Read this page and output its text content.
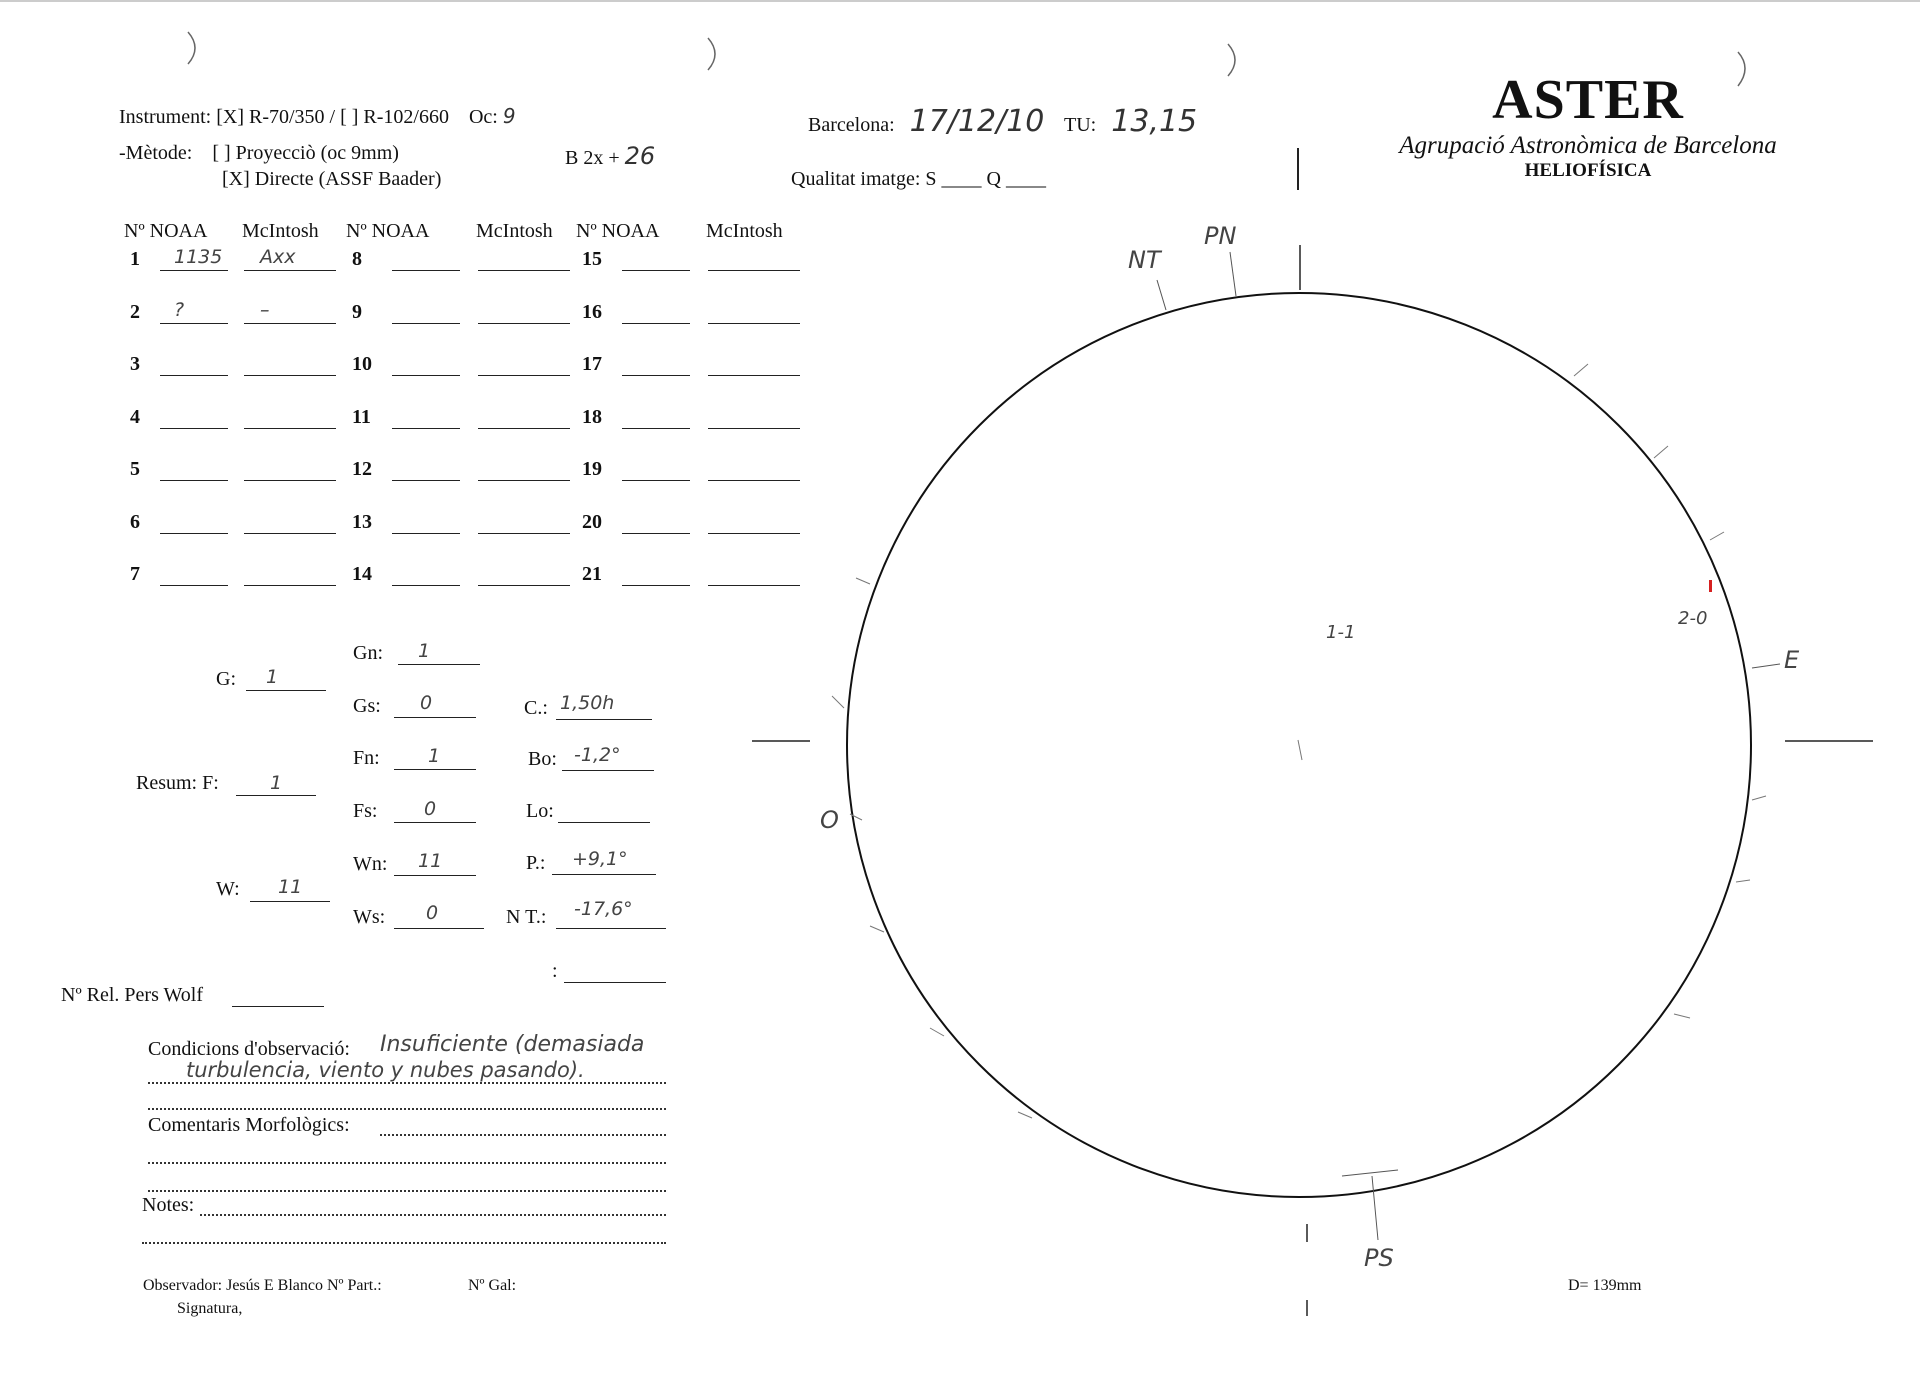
Instrument: [X] R-70/350 / [ ] R-102/660 Oc: 9
-Mètode: [ ] Proyecciò (oc 9mm)
[X] Directe (ASSF Baader)
B 2x + 26
Barcelona: 17/12/10 TU: 13,15
Qualitat imatge: S ____ Q ____
ASTER
Agrupació Astronòmica de Barcelona
HELIOFÍSICA
Nº NOAA McIntosh
1 1135 Axx
2 ?	–
3
4
5
6
7
Nº NOAA McIntosh
8
9
10
11
12
13
14
Nº NOAA McIntosh
15
16
17
18
19
20
21
G: 1
Resum: F:	1
W: 11
Gn: 1
Gs: 0
Fn:	1
Fs: 0
Wn: 11
Ws: 0
C.: 1,50h
Bo: -1,2°
Lo:
P.: +9,1°
N T.: -17,6°
:
Nº Rel. Pers Wolf
Condicions d'observació: Insuficiente (demasiada
turbulencia, viento y nubes pasando).
Comentaris Morfològics:
Notes:
Observador: Jesús E Blanco Nº Part.:	Nº Gal:
Signatura,
D= 139mm
PN
NT
E
O
PS
1-1
2-0
